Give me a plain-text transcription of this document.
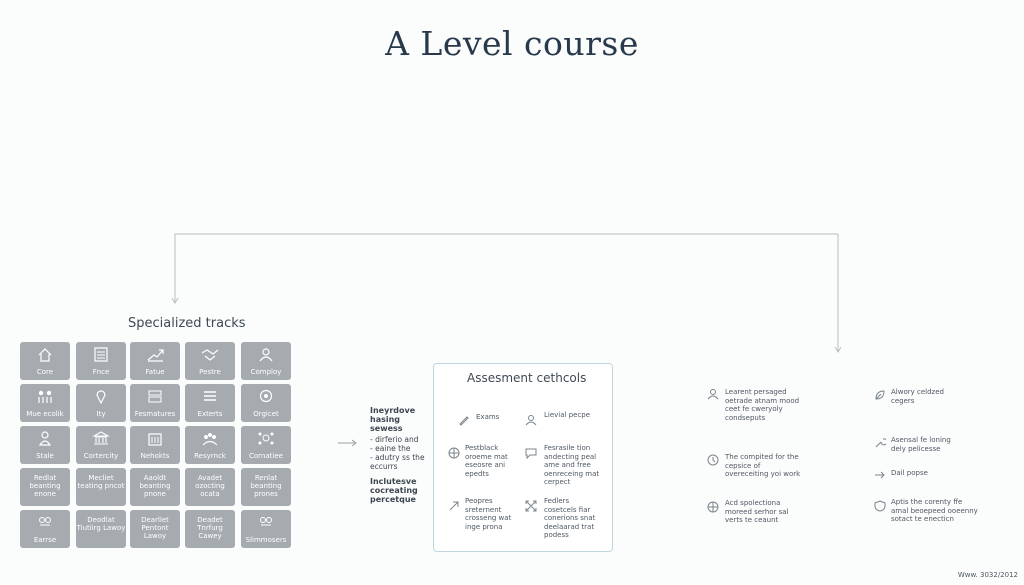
A Level course
Specialized tracks
Core	Fnce	Fatue	Pestre	Comploy
Mue ecolik	Ity	Fesmatures	Exterts	Orgicet
Stale	Cortercity	Nehokts	Resyrnck	Cornatiee
Redlat beanting enone
Mecliet teating pncot
Aaoldt beanting pnone
Avadet ozocting ocata
Renlat beanting prones
Earrse
Deodlat Tiutiirg Lawoy
Dearllet Pentont Lawoy
Deadet Tnrfurg Cawey	Slimmosers
Ineyrdove hasing sewess
- dirferio and
- eaine the
- adutry ss the
eccurrs
Inclutesve cocreating percetque
Assesment cethcols
Exams	Lievial pecpe
Pestblack oroeme mat eseosre ani epedts
Fesrasile tion andecting peal ame and free oenreceing mat cerpect
Peopres sreternent crosseng wat inge prona
Fedlers cosetcels fiar conerions snat deelaarad trat podess
Learent persaged oetrade atnam mood ceet fe cweryoly condseputs
The compited for the cepsice of overeceiting yoi work
Acd spolectiona moreed serhor sal verts te ceaunt
Alwory celdzed cegers
Asensal fe loning dely pelicesse
Dail popse
Aptis the corenty ffe amal beoepeed ooeenny sotact te enecticn
Www. 3032/2012
